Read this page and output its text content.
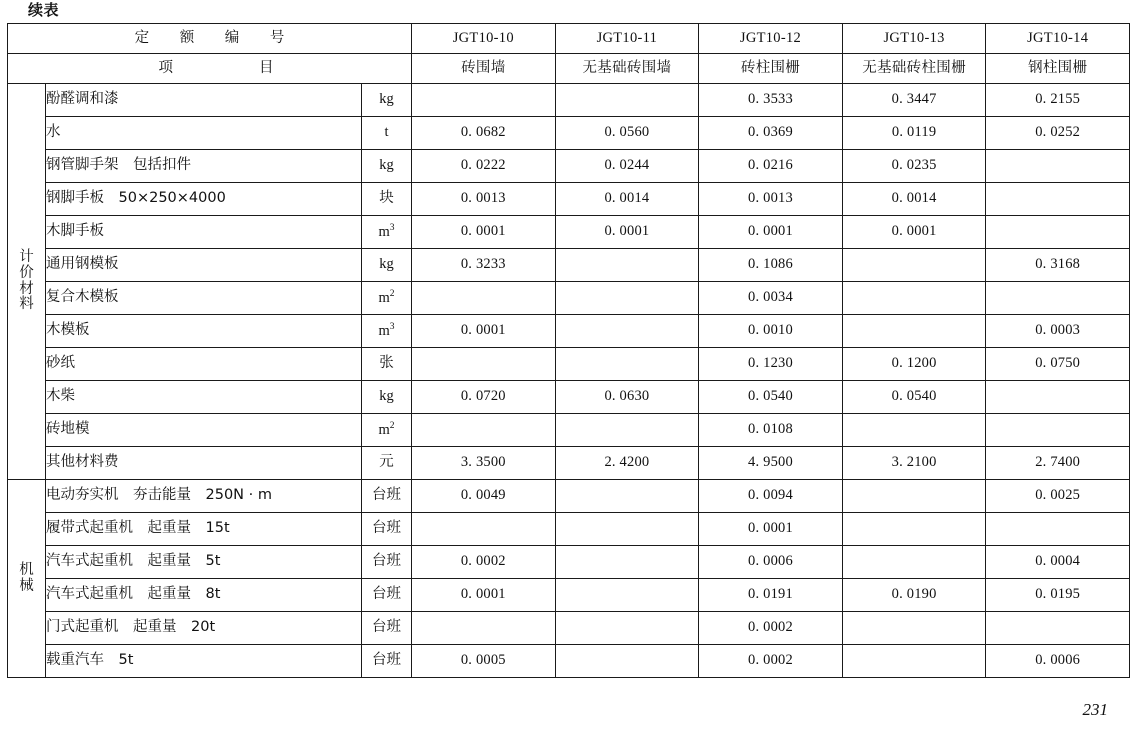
续表
定 额 编 号			JGT10-10	JGT10-11	JGT10-12	JGT10-13	JGT10-14
项 目			砖围墙	无基础砖围墙	砖柱围栅	无基础砖柱围栅	钢柱围栅

计
价
材
料	酚醛调和漆	kg			0. 3533	0. 3447	0. 2155
	水	t	0. 0682	0. 0560	0. 0369	0. 0119	0. 0252
	钢管脚手架　包括扣件	kg	0. 0222	0. 0244	0. 0216	0. 0235	
	钢脚手板　50×250×4000	块	0. 0013	0. 0014	0. 0013	0. 0014	
	木脚手板	$m^3$	0. 0001	0. 0001	0. 0001	0. 0001	
	通用钢模板	kg	0. 3233		0. 1086		0. 3168
	复合木模板	$m^2$			0. 0034		
	木模板	$m^3$	0. 0001		0. 0010		0. 0003
	砂纸	张			0. 1230	0. 1200	0. 0750
	木柴	kg	0. 0720	0. 0630	0. 0540	0. 0540	
	砖地模	$m^2$			0. 0108		
	其他材料费	元	3. 3500	2. 4200	4. 9500	3. 2100	2. 7400

机
械	电动夯实机　夯击能量　250N · m	台班	0. 0049		0. 0094		0. 0025
	履带式起重机　起重量　15t	台班			0. 0001		
	汽车式起重机　起重量　5t	台班	0. 0002		0. 0006		0. 0004
	汽车式起重机　起重量　8t	台班	0. 0001		0. 0191	0. 0190	0. 0195
	门式起重机　起重量　20t	台班			0. 0002		
	载重汽车　5t	台班	0. 0005		0. 0002		0. 0006
231
